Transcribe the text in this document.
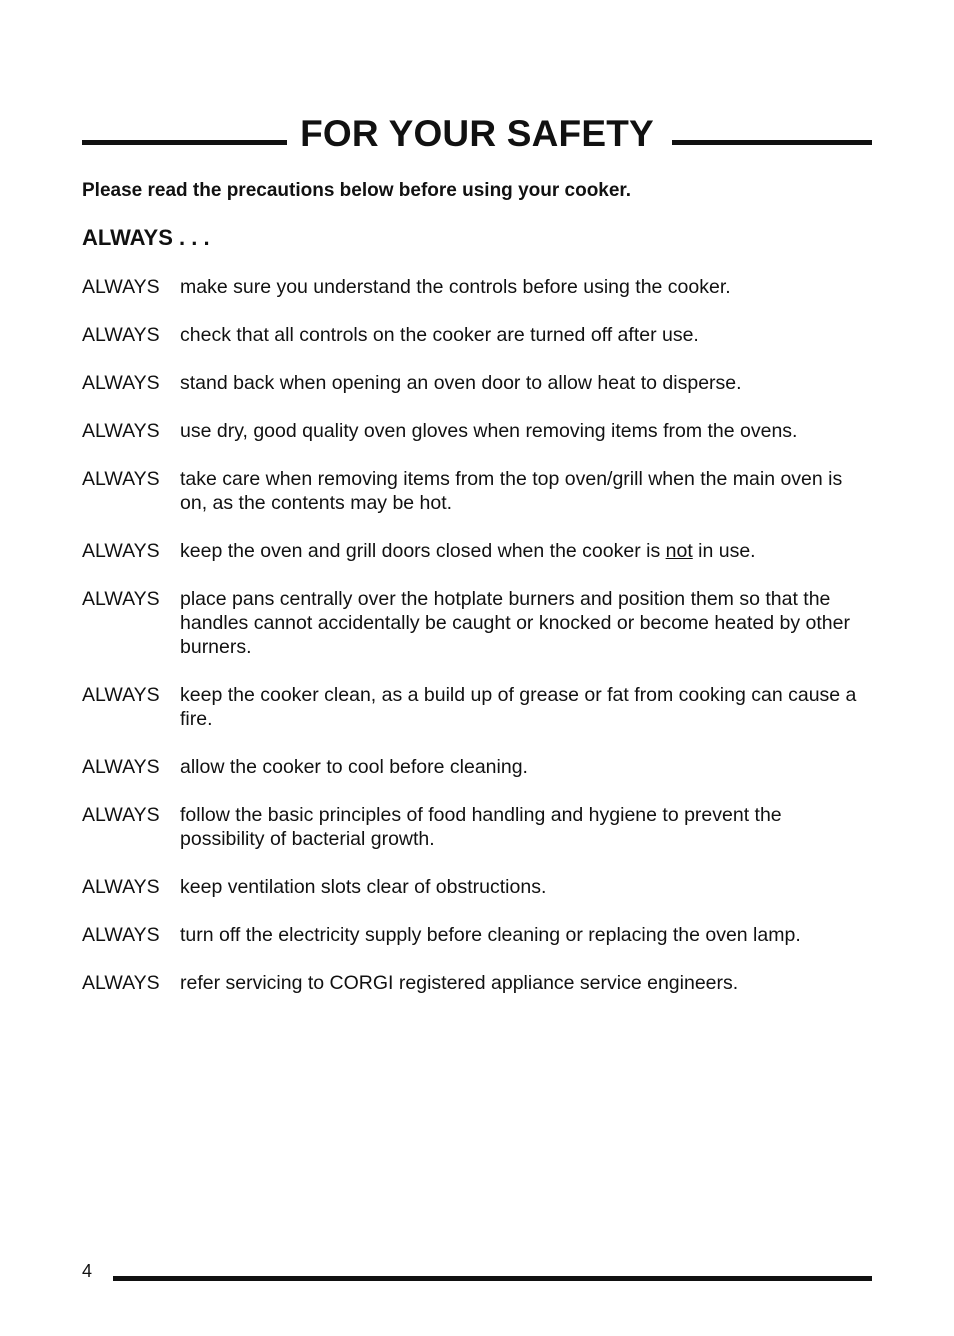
FOR YOUR SAFETY

Please read the precautions below before using your cooker.

ALWAYS . . .
ALWAYS	make sure you understand the controls before using the cooker.
ALWAYS	check that all controls on the cooker are turned off after use.
ALWAYS	stand back when opening an oven door to allow heat to disperse.
ALWAYS	use dry, good quality oven gloves when removing items from the ovens.
ALWAYS	take care when removing items from the top oven/grill when the main oven is on, as the contents may be hot.
ALWAYS	keep the oven and grill doors closed when the cooker is not in use.
ALWAYS	place pans centrally over the hotplate burners and position them so that the handles cannot accidentally be caught or knocked or become heated by other burners.
ALWAYS	keep the cooker clean, as a build up of grease or fat from cooking can cause a fire.
ALWAYS	allow the cooker to cool before cleaning.
ALWAYS	follow the basic principles of food handling and hygiene to prevent the possibility of bacterial growth.
ALWAYS	keep ventilation slots clear of obstructions.
ALWAYS	turn off the electricity supply before cleaning or replacing the oven lamp.
ALWAYS	refer servicing to CORGI registered appliance service engineers.
4
